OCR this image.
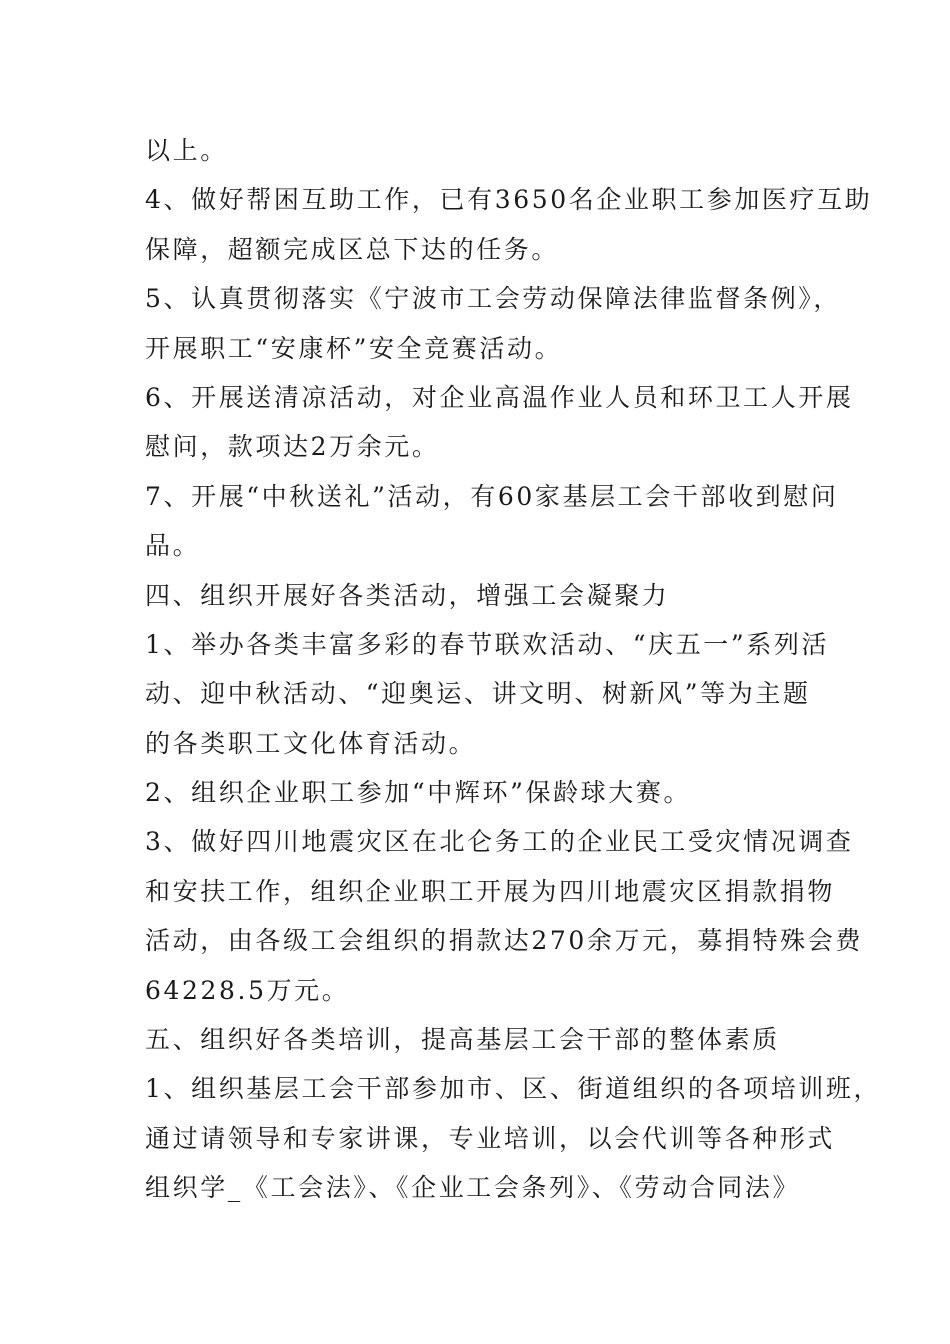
以上。
4、做好帮困互助工作，已有3650名企业职工参加医疗互助
保障，超额完成区总下达的任务。
5、认真贯彻落实《宁波市工会劳动保障法律监督条例》，
开展职工“安康杯”安全竞赛活动。
6、开展送清凉活动，对企业高温作业人员和环卫工人开展
慰问，款项达2万余元。
7、开展“中秋送礼”活动，有60家基层工会干部收到慰问
品。
四、组织开展好各类活动，增强工会凝聚力
1、举办各类丰富多彩的春节联欢活动、“庆五一”系列活
动、迎中秋活动、“迎奥运、讲文明、树新风”等为主题
的各类职工文化体育活动。
2、组织企业职工参加“中辉环”保龄球大赛。
3、做好四川地震灾区在北仑务工的企业民工受灾情况调查
和安扶工作，组织企业职工开展为四川地震灾区捐款捐物
活动，由各级工会组织的捐款达270余万元，募捐特殊会费
64228.5万元。
五、组织好各类培训，提高基层工会干部的整体素质
1、组织基层工会干部参加市、区、街道组织的各项培训班，
通过请领导和专家讲课，专业培训，以会代训等各种形式
组织学_《工会法》、《企业工会条列》、《劳动合同法》
